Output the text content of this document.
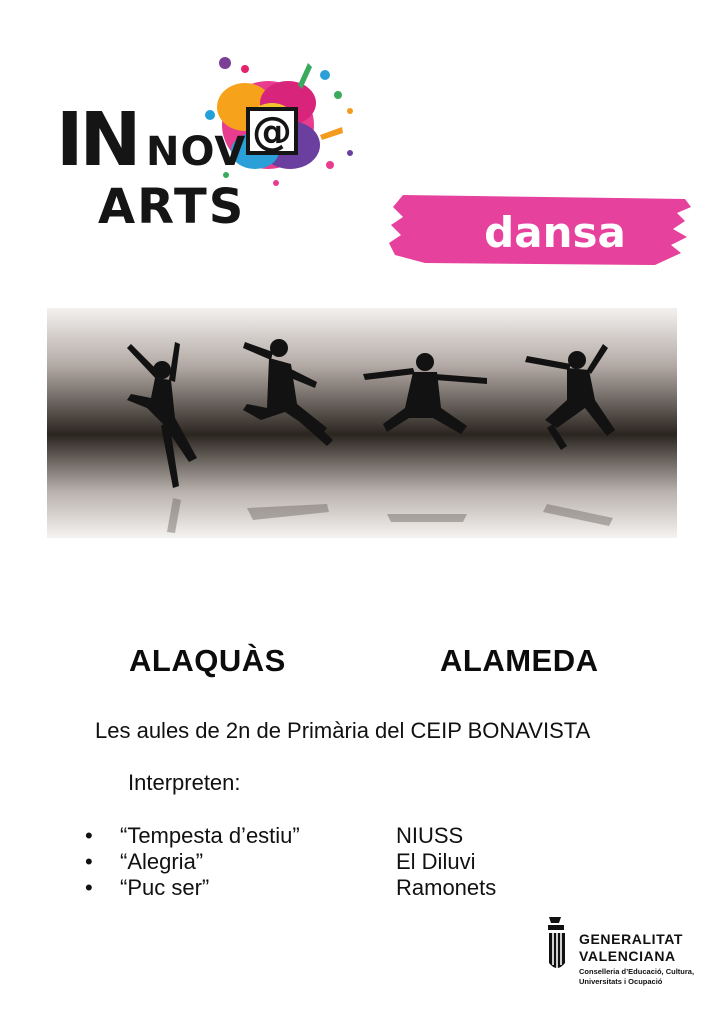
@
IN NOV
ARTS	dansa
ALAQUÀS	ALAMEDA
Les aules de 2n de Primària del CEIP BONAVISTA
Interpreten:
• “Tempesta d’estiu”	NIUSS
• “Alegria”	El Diluvi
• “Puc ser”	Ramonets
GENERALITAT
VALENCIANA
Conselleria d’Educació, Cultura,
Universitats i Ocupació
